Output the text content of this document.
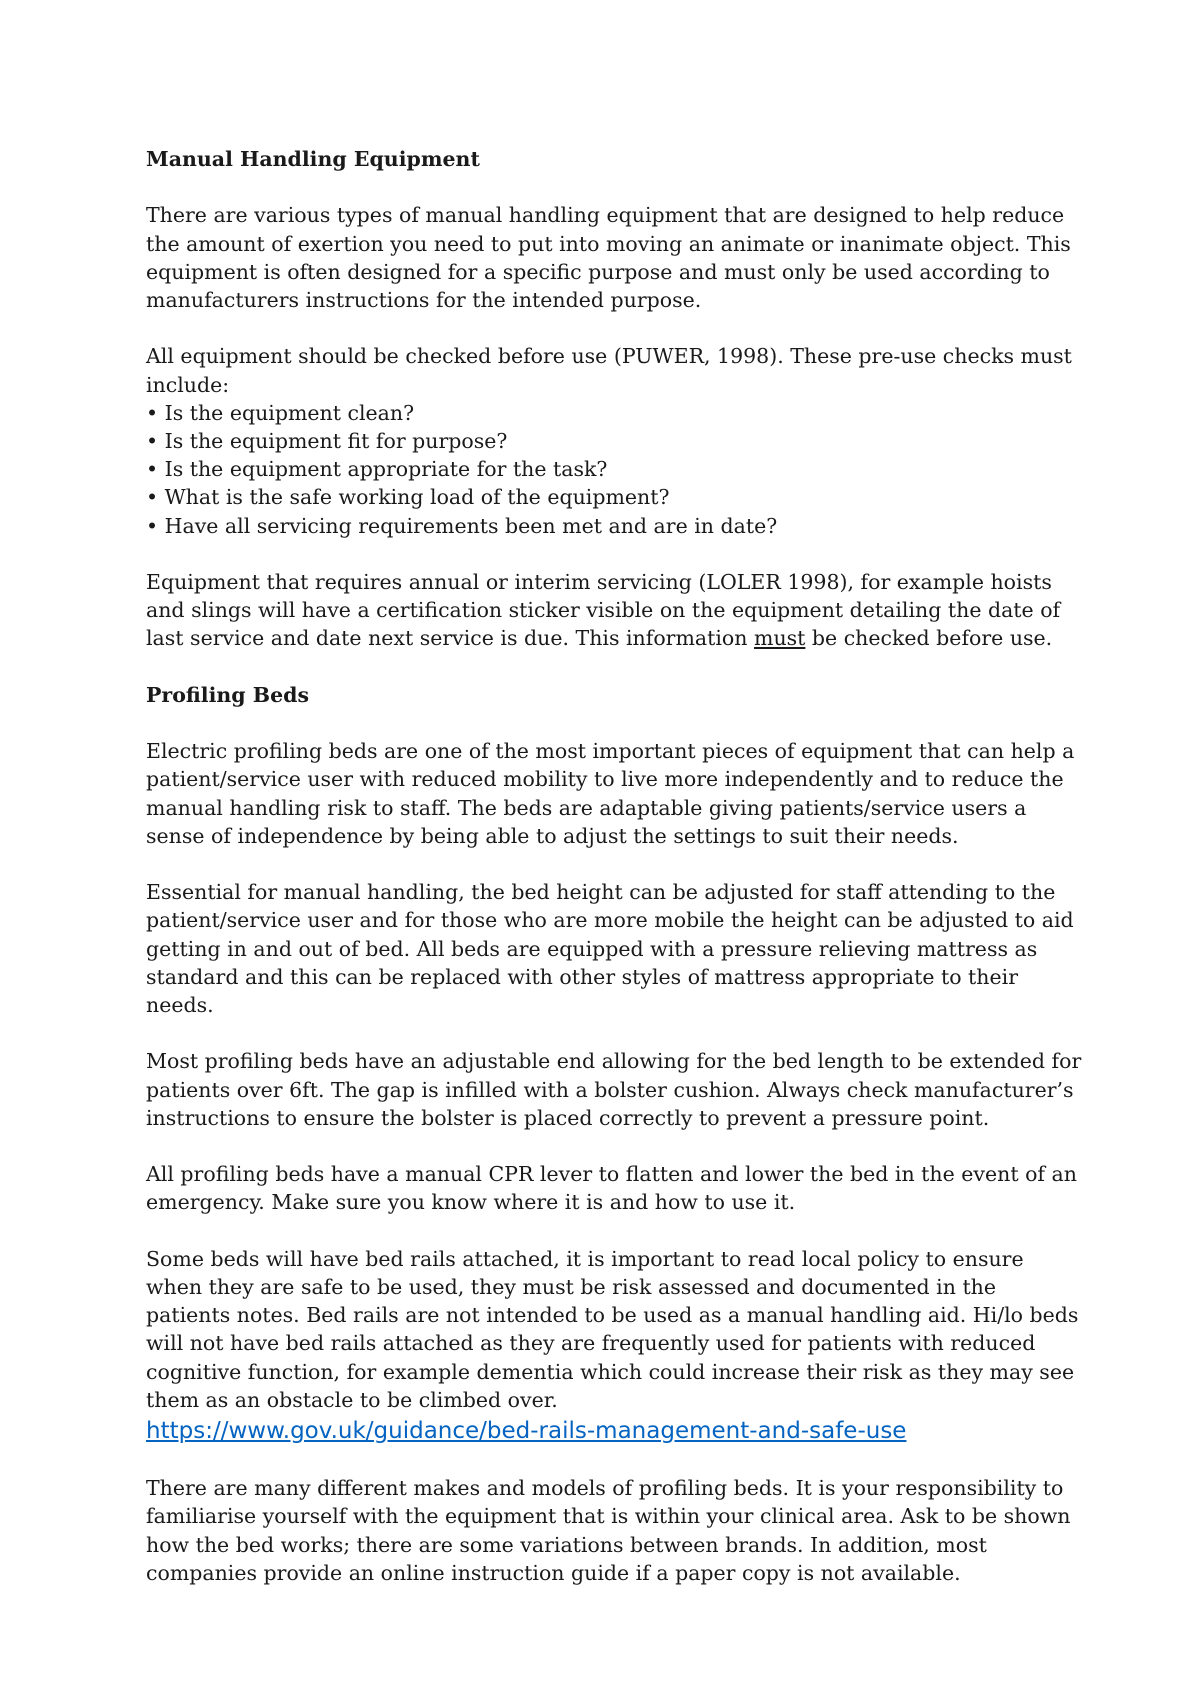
Manual Handling Equipment

There are various types of manual handling equipment that are designed to help reduce the amount of exertion you need to put into moving an animate or inanimate object. This equipment is often designed for a specific purpose and must only be used according to manufacturers instructions for the intended purpose.

All equipment should be checked before use (PUWER, 1998). These pre-use checks must include:

• Is the equipment clean?
• Is the equipment fit for purpose?
• Is the equipment appropriate for the task?
• What is the safe working load of the equipment?
• Have all servicing requirements been met and are in date?

Equipment that requires annual or interim servicing (LOLER 1998), for example hoists and slings will have a certification sticker visible on the equipment detailing the date of last service and date next service is due. This information must be checked before use.

Profiling Beds

Electric profiling beds are one of the most important pieces of equipment that can help a patient/service user with reduced mobility to live more independently and to reduce the manual handling risk to staff. The beds are adaptable giving patients/service users a sense of independence by being able to adjust the settings to suit their needs.

Essential for manual handling, the bed height can be adjusted for staff attending to the patient/service user and for those who are more mobile the height can be adjusted to aid getting in and out of bed. All beds are equipped with a pressure relieving mattress as standard and this can be replaced with other styles of mattress appropriate to their needs.

Most profiling beds have an adjustable end allowing for the bed length to be extended for patients over 6ft. The gap is infilled with a bolster cushion. Always check manufacturer’s instructions to ensure the bolster is placed correctly to prevent a pressure point.

All profiling beds have a manual CPR lever to flatten and lower the bed in the event of an emergency. Make sure you know where it is and how to use it.

Some beds will have bed rails attached, it is important to read local policy to ensure when they are safe to be used, they must be risk assessed and documented in the patients notes. Bed rails are not intended to be used as a manual handling aid. Hi/lo beds will not have bed rails attached as they are frequently used for patients with reduced cognitive function, for example dementia which could increase their risk as they may see them as an obstacle to be climbed over.

https://www.gov.uk/guidance/bed-rails-management-and-safe-use

There are many different makes and models of profiling beds. It is your responsibility to familiarise yourself with the equipment that is within your clinical area. Ask to be shown how the bed works; there are some variations between brands. In addition, most companies provide an online instruction guide if a paper copy is not available.
